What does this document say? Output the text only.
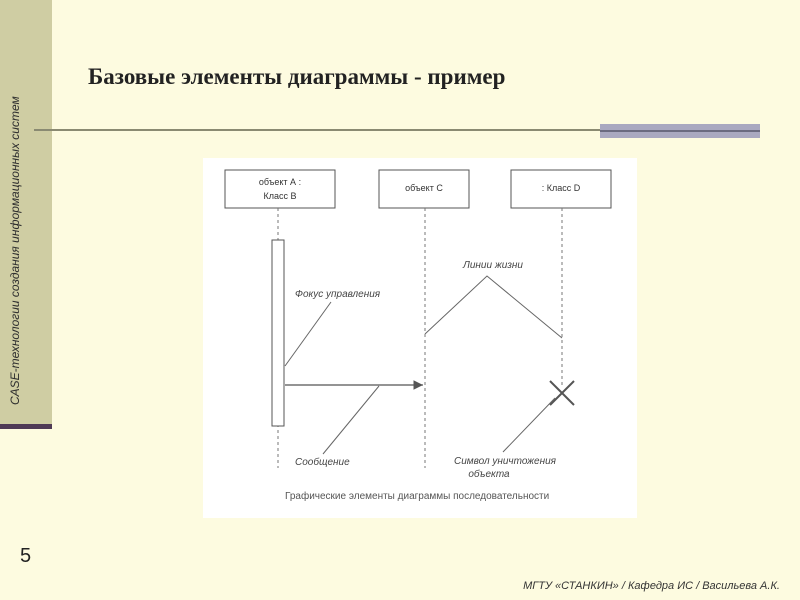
CASE-технологии создания информационных систем
Базовые элементы диаграммы - пример
объект А :
Класс В
объект С	: Класс D
Линии жизни
Фокус управления
Сообщение	Символ уничтожения
объекта
Графические элементы диаграммы последовательности
5
МГТУ «СТАНКИН» / Кафедра ИС / Васильева А.К.
